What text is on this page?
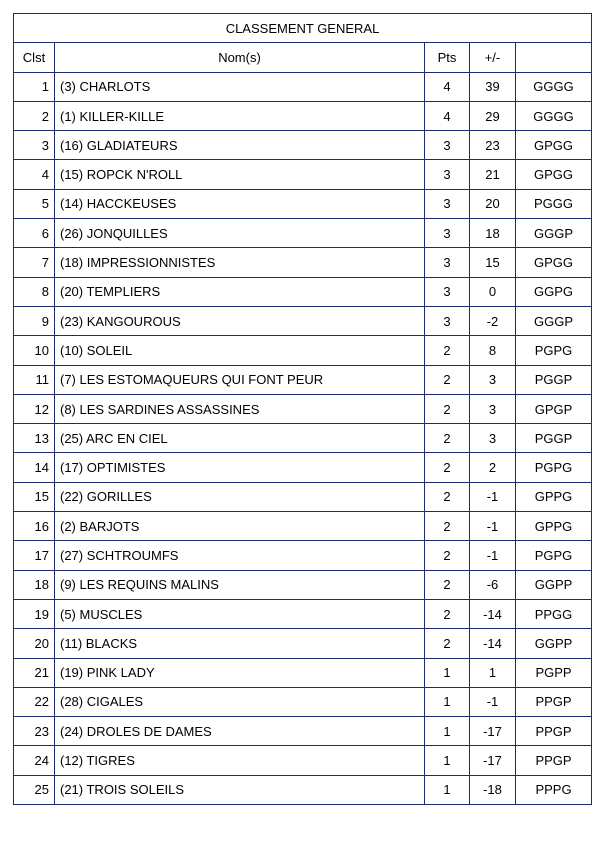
CLASSEMENT GENERAL				
Clst	Nom(s)	Pts	+/-	
1	(3) CHARLOTS	4	39	GGGG
2	(1) KILLER-KILLE	4	29	GGGG
3	(16) GLADIATEURS	3	23	GPGG
4	(15) ROPCK N'ROLL	3	21	GPGG
5	(14) HACCKEUSES	3	20	PGGG
6	(26) JONQUILLES	3	18	GGGP
7	(18) IMPRESSIONNISTES	3	15	GPGG
8	(20) TEMPLIERS	3	0	GGPG
9	(23) KANGOUROUS	3	-2	GGGP
10	(10) SOLEIL	2	8	PGPG
11	(7) LES ESTOMAQUEURS QUI FONT PEUR	2	3	PGGP
12	(8) LES SARDINES ASSASSINES	2	3	GPGP
13	(25) ARC EN CIEL	2	3	PGGP
14	(17) OPTIMISTES	2	2	PGPG
15	(22) GORILLES	2	-1	GPPG
16	(2) BARJOTS	2	-1	GPPG
17	(27) SCHTROUMFS	2	-1	PGPG
18	(9) LES REQUINS MALINS	2	-6	GGPP
19	(5) MUSCLES	2	-14	PPGG
20	(11) BLACKS	2	-14	GGPP
21	(19) PINK LADY	1	1	PGPP
22	(28) CIGALES	1	-1	PPGP
23	(24) DROLES DE DAMES	1	-17	PPGP
24	(12) TIGRES	1	-17	PPGP
25	(21) TROIS SOLEILS	1	-18	PPPG
